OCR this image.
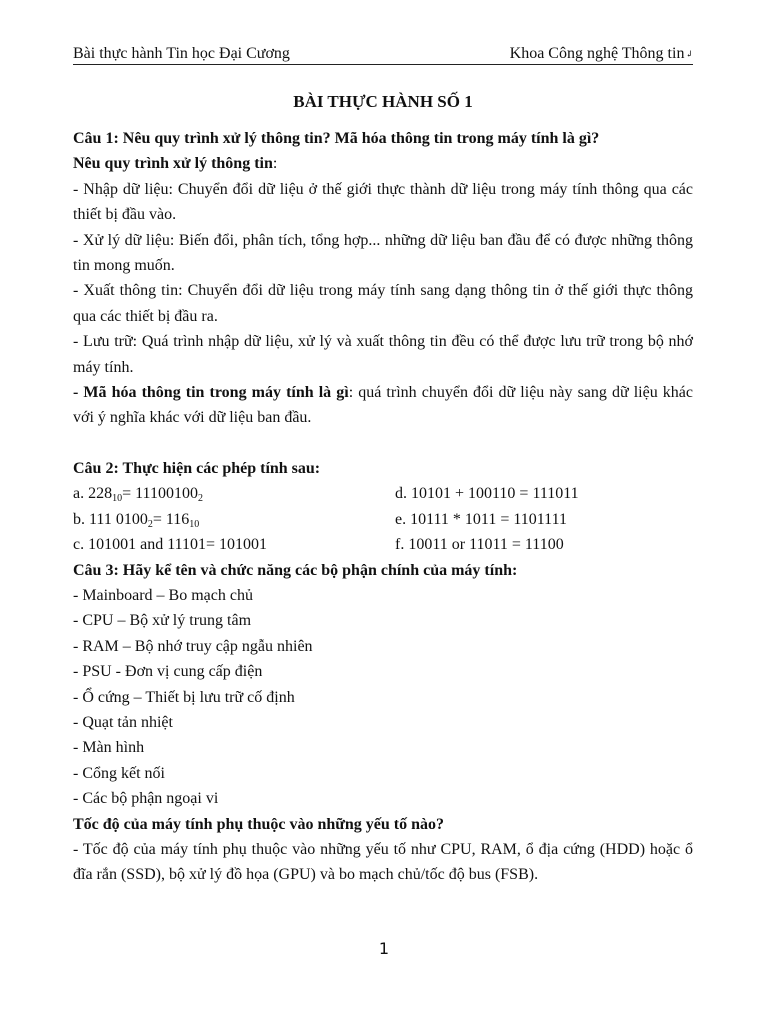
Bài thực hành Tin học Đại Cương	Khoa Công nghệ Thông tin↲
BÀI THỰC HÀNH SỐ 1

Câu 1: Nêu quy trình xử lý thông tin? Mã hóa thông tin trong máy tính là gì?

Nêu quy trình xử lý thông tin:

- Nhập dữ liệu: Chuyển đổi dữ liệu ở thế giới thực thành dữ liệu trong máy tính thông qua các thiết bị đầu vào.

- Xử lý dữ liệu: Biến đổi, phân tích, tổng hợp... những dữ liệu ban đầu để có được những thông tin mong muốn.

- Xuất thông tin: Chuyển đổi dữ liệu trong máy tính sang dạng thông tin ở thế giới thực thông qua các thiết bị đầu ra.

- Lưu trữ: Quá trình nhập dữ liệu, xử lý và xuất thông tin đều có thể được lưu trữ trong bộ nhớ máy tính.

- Mã hóa thông tin trong máy tính là gì: quá trình chuyển đổi dữ liệu này sang dữ liệu khác với ý nghĩa khác với dữ liệu ban đầu.

Câu 2: Thực hiện các phép tính sau:

a. $228_{10}= 11100100_2$	d. 10101 + 100110 = 111011

b. 111 $0100_2= 116_{10}$	e. 10111 * 1011 = 1101111

c. 101001 and 11101= 101001	f. 10011 or 11011 = 11100

Câu 3: Hãy kể tên và chức năng các bộ phận chính của máy tính:

- Mainboard – Bo mạch chủ

- CPU – Bộ xử lý trung tâm

- RAM – Bộ nhớ truy cập ngẫu nhiên

- PSU - Đơn vị cung cấp điện

- Ổ cứng – Thiết bị lưu trữ cố định

- Quạt tản nhiệt

- Màn hình

- Cổng kết nối

- Các bộ phận ngoại vi

Tốc độ của máy tính phụ thuộc vào những yếu tố nào?

- Tốc độ của máy tính phụ thuộc vào những yếu tố như CPU, RAM, ổ địa cứng (HDD) hoặc ổ đĩa rắn (SSD), bộ xử lý đồ họa (GPU) và bo mạch chủ/tốc độ bus (FSB).

1
